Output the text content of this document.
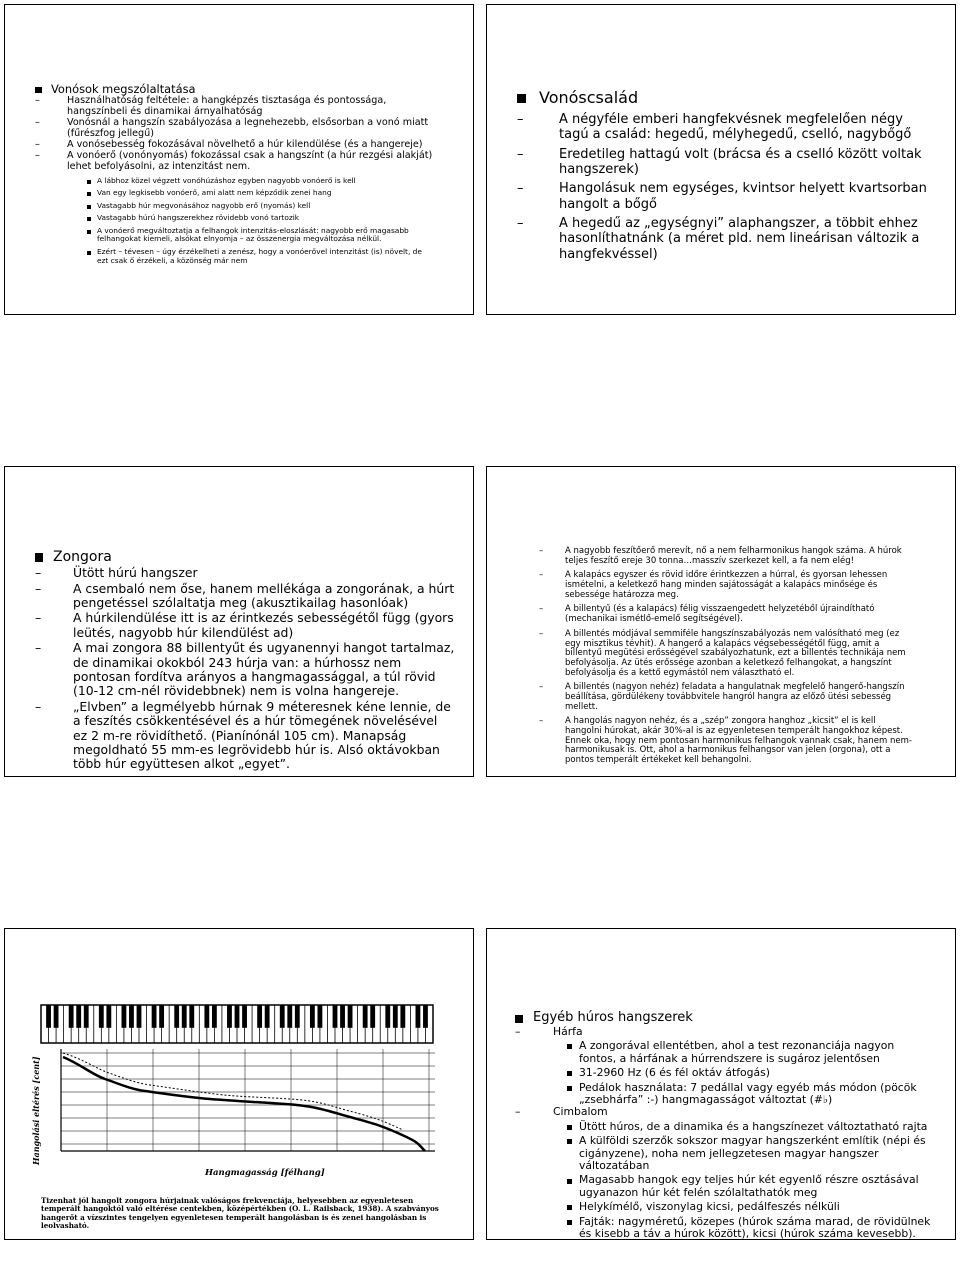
Vonósok megszólaltatása
– Használhatóság feltétele: a hangképzés tisztasága és pontossága, hangszínbeli és dinamikai árnyalhatóság
– Vonósnál a hangszín szabályozása a legnehezebb, elsősorban a vonó miatt (fűrészfog jellegű)
– A vonósebesség fokozásával növelhető a húr kilendülése (és a hangereje)
– A vonóerő (vonónyomás) fokozással csak a hangszínt (a húr rezgési alakját) lehet befolyásolni, az intenzitást nem.
A lábhoz közel végzett vonóhúzáshoz egyben nagyobb vonóerő is kell
Van egy legkisebb vonóerő, ami alatt nem képződik zenei hang
Vastagabb húr megvonásához nagyobb erő (nyomás) kell
Vastagabb húrú hangszerekhez rövidebb vonó tartozik
A vonóerő megváltoztatja a felhangok intenzitás-eloszlását: nagyobb erő magasabb felhangokat kiemeli, alsókat elnyomja – az összenergia megváltozása nélkül.
Ezért – tévesen – úgy érzékelheti a zenész, hogy a vonóerővel intenzitást (is) növelt, de ezt csak ő érzékeli, a közönség már nem
Vonóscsalád
– A négyféle emberi hangfekvésnek megfelelően négy tagú a család: hegedű, mélyhegedű, cselló, nagybőgő
– Eredetileg hattagú volt (brácsa és a cselló között voltak hangszerek)
– Hangolásuk nem egységes, kvintsor helyett kvartsorban hangolt a bőgő
– A hegedű az „egységnyi” alaphangszer, a többit ehhez hasonlíthatnánk (a méret pld. nem lineárisan változik a hangfekvéssel)
Zongora
– Ütött húrú hangszer
– A csembaló nem őse, hanem mellékága a zongorának, a húrt pengetéssel szólaltatja meg (akusztikailag hasonlóak)
– A húrkilendülése itt is az érintkezés sebességétől függ (gyors leütés, nagyobb húr kilendülést ad)
– A mai zongora 88 billentyűt és ugyanennyi hangot tartalmaz, de dinamikai okokból 243 húrja van: a húrhossz nem pontosan fordítva arányos a hangmagassággal, a túl rövid (10-12 cm-nél rövidebbnek) nem is volna hangereje.
– „Elvben” a legmélyebb húrnak 9 méteresnek kéne lennie, de a feszítés csökkentésével és a húr tömegének növelésével ez 2 m-re rövidíthető. (Pianínónál 105 cm). Manapság megoldható 55 mm-es legrövidebb húr is. Alsó oktávokban több húr együttesen alkot „egyet”.
– A nagyobb feszítőerő merevít, nő a nem felharmonikus hangok száma. A húrok teljes feszítő ereje 30 tonna…masszív szerkezet kell, a fa nem elég!
– A kalapács egyszer és rövid időre érintkezzen a húrral, és gyorsan lehessen ismételni, a keletkező hang minden sajátosságát a kalapács minősége és sebessége határozza meg.
– A billentyű (és a kalapács) félig visszaengedett helyzetéből újraindítható (mechanikai ismétlő-emelő segítségével).
– A billentés módjával semmiféle hangszínszabályozás nem valósítható meg (ez egy misztikus tévhit). A hangerő a kalapács végsebességétől függ, amit a billentyű megütési erősségével szabályozhatunk, ezt a billentés technikája nem befolyásolja. Az ütés erőssége azonban a keletkező felhangokat, a hangszínt befolyásolja és a kettő egymástól nem választható el.
– A billentés (nagyon nehéz) feladata a hangulatnak megfelelő hangerő-hangszín beállítása, gördülékeny továbbvitele hangról hangra az előző ütési sebesség mellett.
– A hangolás nagyon nehéz, és a „szép” zongora hanghoz „kicsit” el is kell hangolni húrokat, akár 30%-al is az egyenletesen temperált hangokhoz képest. Ennek oka, hogy nem pontosan harmonikus felhangok vannak csak, hanem nem-harmonikusak is. Ott, ahol a harmonikus felhangsor van jelen (orgona), ott a pontos temperált értékeket kell behangolni.
Hangolási eltérés [cent]
Hangmagasság [félhang]
Tizenhat jól hangolt zongora húrjainak valóságos frekvenciája, helyesebben az egyenletesen temperált hangoktól való eltérése centekben, középértékben (O. L. Railsback, 1938). A szabványos hangerőt a vízszintes tengelyen egyenletesen temperált hangolásban is és zenei hangolásban is leolvasható.
Egyéb húros hangszerek
– Hárfa
A zongorával ellentétben, ahol a test rezonanciája nagyon fontos, a hárfának a húrrendszere is sugároz jelentősen
31-2960 Hz (6 és fél oktáv átfogás)
Pedálok használata: 7 pedállal vagy egyéb más módon (pöcök „zsebhárfa” :-) hangmagasságot változtat (#♭)
– Cimbalom
Ütött húros, de a dinamika és a hangszínezet változtatható rajta
A külföldi szerzők sokszor magyar hangszerként említik (népi és cigányzene), noha nem jellegzetesen magyar hangszer változatában
Magasabb hangok egy teljes húr két egyenlő részre osztásával ugyanazon húr két felén szólaltathatók meg
Helykímélő, viszonylag kicsi, pedálfeszés nélküli
Fajták: nagyméretű, közepes (húrok száma marad, de rövidülnek és kisebb a táv a húrok között), kicsi (húrok száma kevesebb).
